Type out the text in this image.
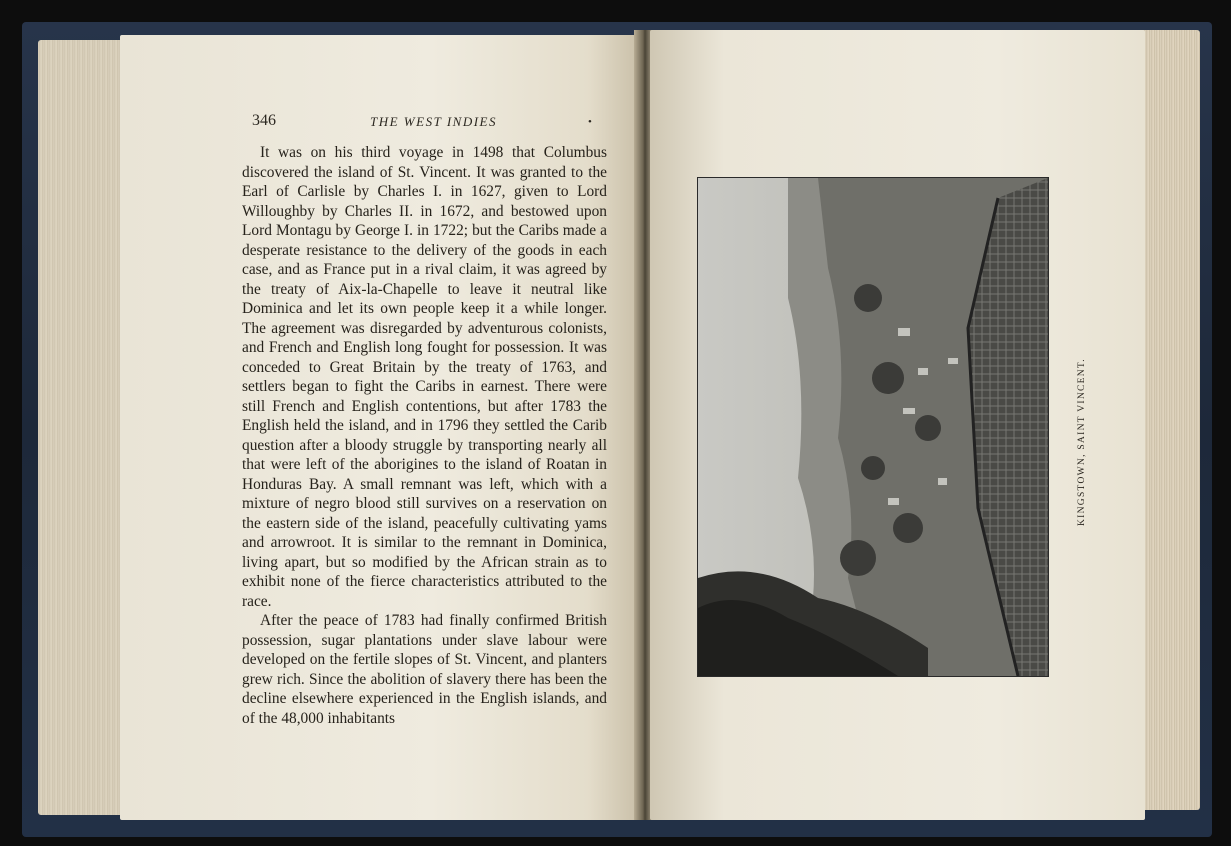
346	THE WEST INDIES	•

It was on his third voyage in 1498 that Columbus discovered the island of St. Vincent. It was granted to the Earl of Carlisle by Charles I. in 1627, given to Lord Willoughby by Charles II. in 1672, and bestowed upon Lord Montagu by George I. in 1722; but the Caribs made a desperate resistance to the delivery of the goods in each case, and as France put in a rival claim, it was agreed by the treaty of Aix-la-Chapelle to leave it neutral like Dominica and let its own people keep it a while longer. The agreement was disregarded by adventurous colonists, and French and English long fought for possession. It was conceded to Great Britain by the treaty of 1763, and settlers began to fight the Caribs in earnest. There were still French and English contentions, but after 1783 the English held the island, and in 1796 they settled the Carib question after a bloody struggle by transporting nearly all that were left of the aborigines to the island of Roatan in Honduras Bay. A small remnant was left, which with a mixture of negro blood still survives on a reservation on the eastern side of the island, peacefully cultivating yams and arrowroot. It is similar to the remnant in Dominica, living apart, but so modified by the African strain as to exhibit none of the fierce characteristics attributed to the race.

After the peace of 1783 had finally confirmed British possession, sugar plantations under slave labour were developed on the fertile slopes of St. Vincent, and planters grew rich. Since the abolition of slavery there has been the decline elsewhere experienced in the English islands, and of the 48,000 inhabitants

KINGSTOWN, SAINT VINCENT.
